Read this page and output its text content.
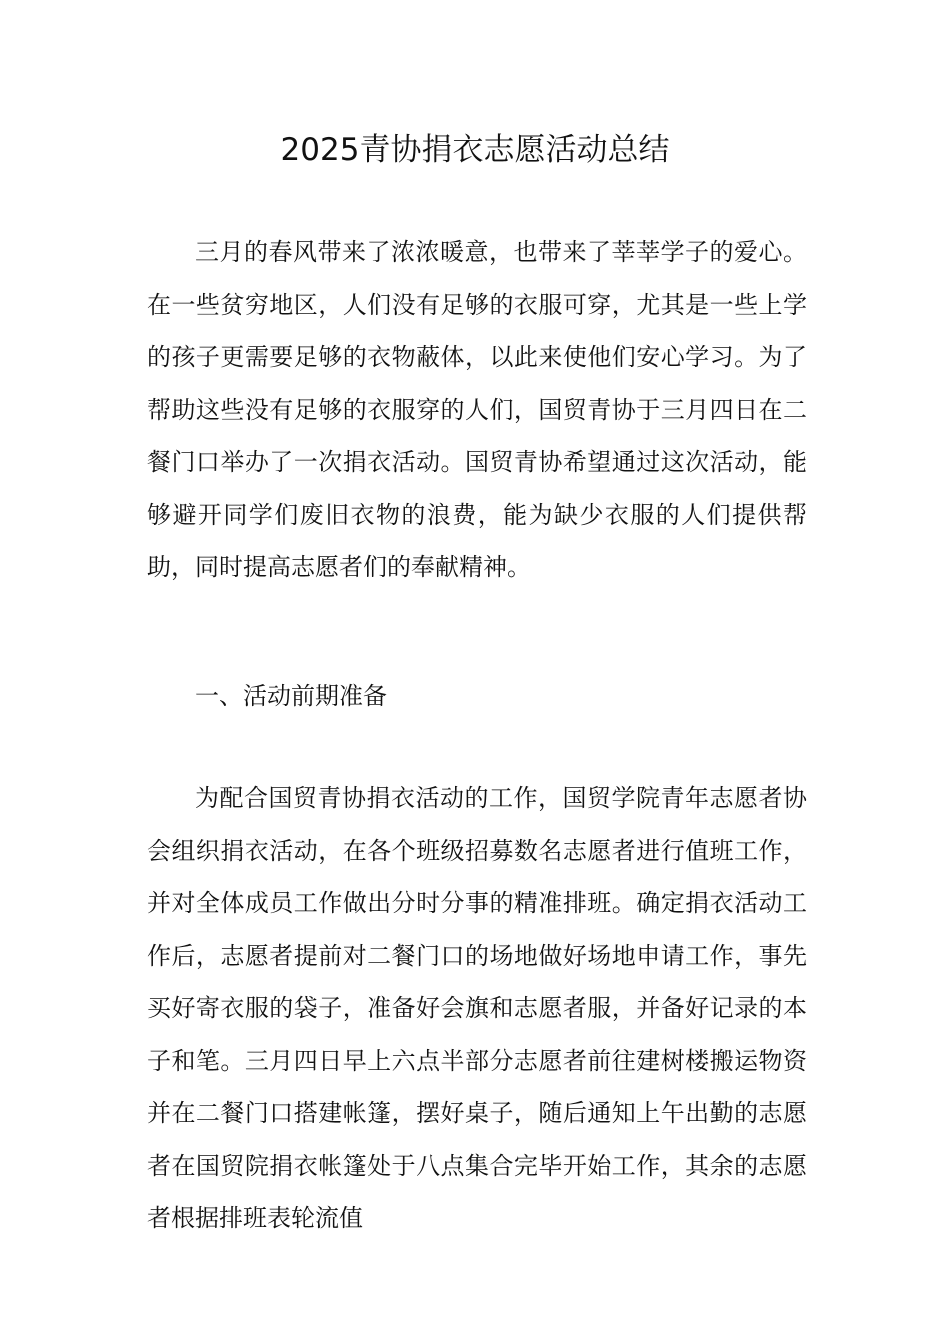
2025青协捐衣志愿活动总结

三月的春风带来了浓浓暖意，也带来了莘莘学子的爱心。在一些贫穷地区，人们没有足够的衣服可穿，尤其是一些上学的孩子更需要足够的衣物蔽体，以此来使他们安心学习。为了帮助这些没有足够的衣服穿的人们，国贸青协于三月四日在二餐门口举办了一次捐衣活动。国贸青协希望通过这次活动，能够避开同学们废旧衣物的浪费，能为缺少衣服的人们提供帮助，同时提高志愿者们的奉献精神。

一、活动前期准备

为配合国贸青协捐衣活动的工作，国贸学院青年志愿者协会组织捐衣活动，在各个班级招募数名志愿者进行值班工作，并对全体成员工作做出分时分事的精准排班。确定捐衣活动工作后，志愿者提前对二餐门口的场地做好场地申请工作，事先买好寄衣服的袋子，准备好会旗和志愿者服，并备好记录的本子和笔。三月四日早上六点半部分志愿者前往建树楼搬运物资并在二餐门口搭建帐篷，摆好桌子，随后通知上午出勤的志愿者在国贸院捐衣帐篷处于八点集合完毕开始工作，其余的志愿者根据排班表轮流值
